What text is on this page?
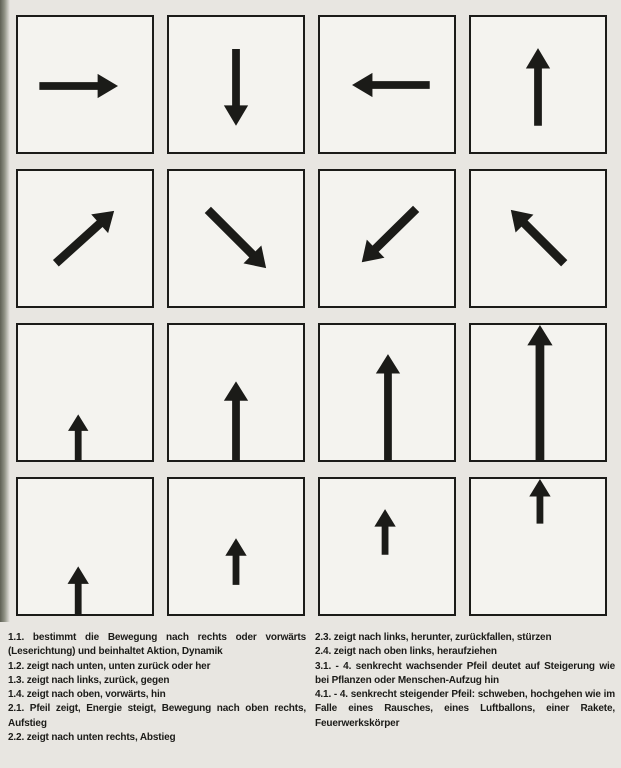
1.1. bestimmt die Bewegung nach rechts oder vorwärts (Leserichtung) und beinhaltet Aktion, Dynamik

1.2. zeigt nach unten, unten zurück oder her

1.3. zeigt nach links, zurück, gegen

1.4. zeigt nach oben, vorwärts, hin

2.1. Pfeil zeigt, Energie steigt, Bewegung nach oben rechts, Aufstieg

2.2. zeigt nach unten rechts, Abstieg

2.3. zeigt nach links, herunter, zurückfallen, stürzen

2.4. zeigt nach oben links, heraufziehen

3.1. - 4. senkrecht wachsender Pfeil deutet auf Steigerung wie bei Pflanzen oder Menschen-Aufzug hin

4.1. - 4. senkrecht steigender Pfeil: schweben, hochgehen wie im Falle eines Rausches, eines Luftballons, einer Rakete, Feuerwerkskörper
